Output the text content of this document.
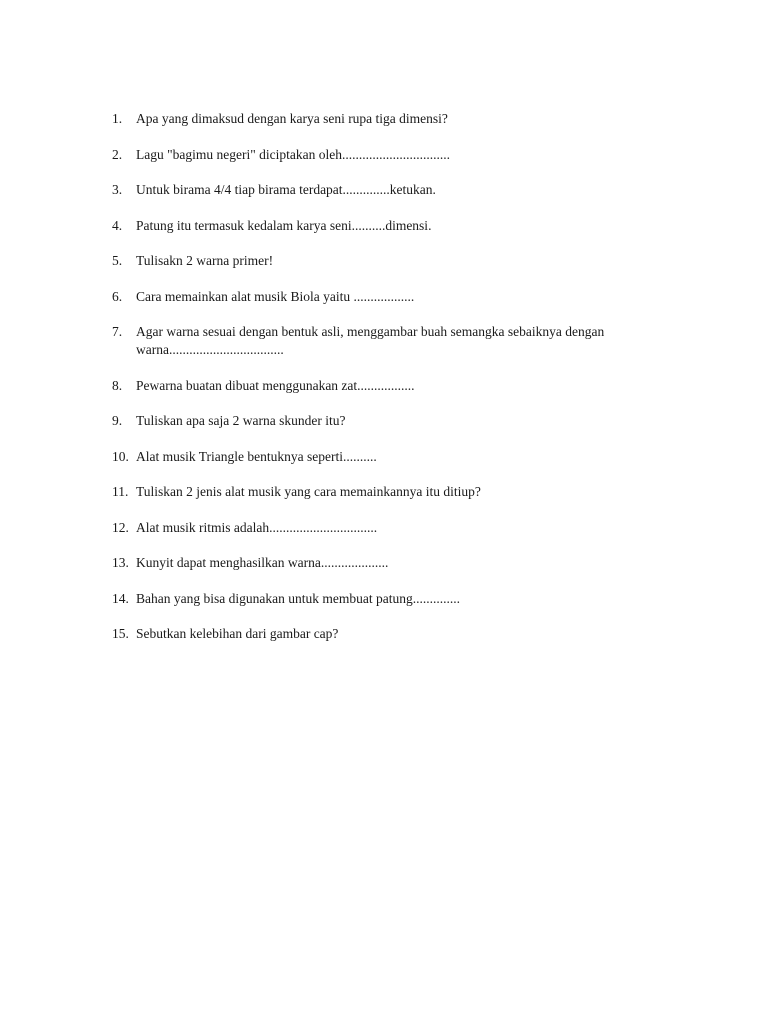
1.	Apa yang dimaksud dengan karya seni rupa tiga dimensi?
2.	Lagu "bagimu negeri" diciptakan oleh................................
3.	Untuk birama 4/4 tiap birama terdapat..............ketukan.
4.	Patung itu termasuk kedalam karya seni..........dimensi.
5.	Tulisakn 2 warna primer!
6.	Cara memainkan alat musik Biola yaitu ..................
7.	Agar warna sesuai dengan bentuk asli, menggambar buah semangka sebaiknya dengan warna..................................
8.	Pewarna buatan dibuat menggunakan zat.................
9.	Tuliskan apa saja 2 warna skunder itu?
10. Alat musik Triangle bentuknya seperti..........
11. Tuliskan 2 jenis alat musik yang cara memainkannya itu ditiup?
12. Alat musik ritmis adalah................................
13. Kunyit dapat menghasilkan warna....................
14. Bahan yang bisa digunakan untuk membuat patung..............
15. Sebutkan kelebihan dari gambar cap?
